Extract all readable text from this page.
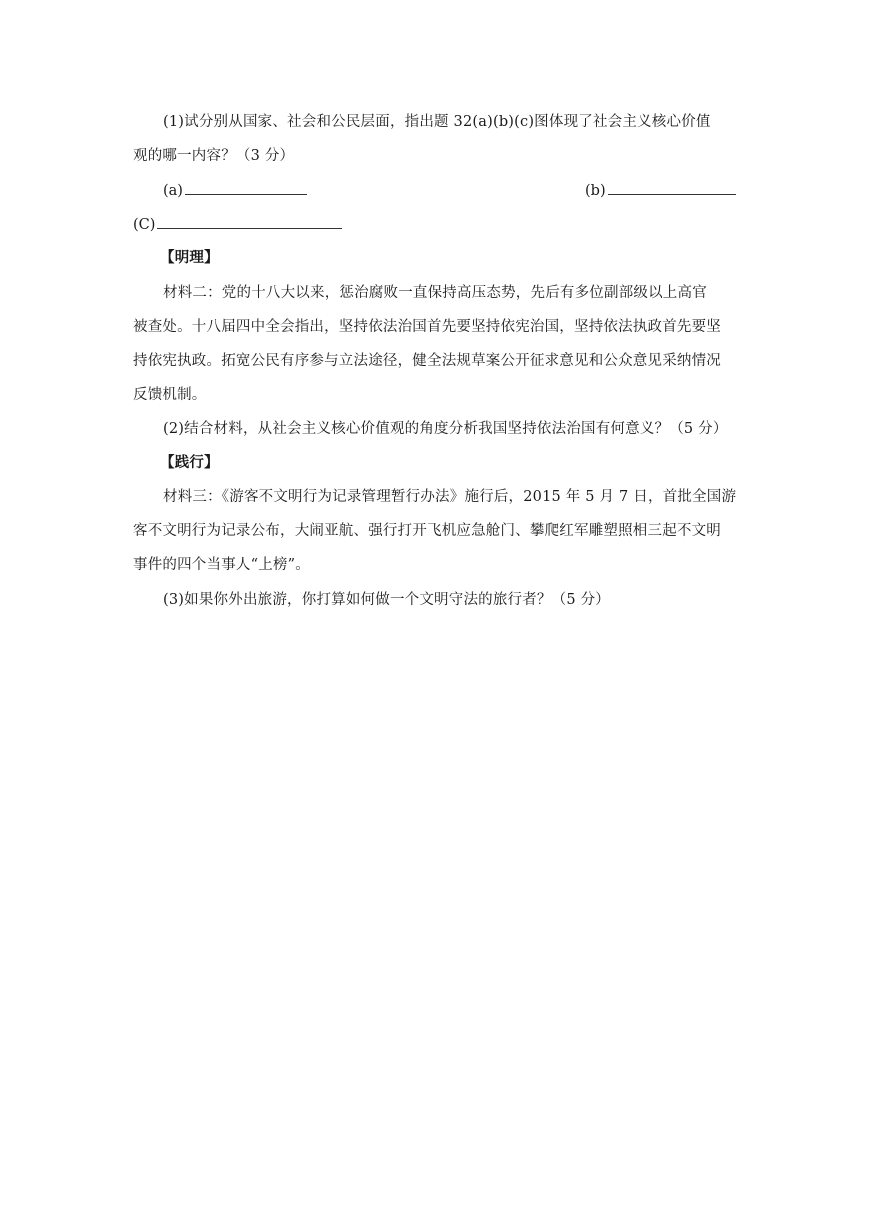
(1)试分别从国家、社会和公民层面，指出题 32(a)(b)(c)图体现了社会主义核心价值
观的哪一内容？（3 分）
(a)	(b)
(C)
【明理】
材料二：党的十八大以来，惩治腐败一直保持高压态势，先后有多位副部级以上高官
被查处。十八届四中全会指出，坚持依法治国首先要坚持依宪治国，坚持依法执政首先要坚
持依宪执政。拓宽公民有序参与立法途径，健全法规草案公开征求意见和公众意见采纳情况
反馈机制。
(2)结合材料，从社会主义核心价值观的角度分析我国坚持依法治国有何意义？（5 分）
【践行】
材料三：《游客不文明行为记录管理暂行办法》施行后，2015 年 5 月 7 日，首批全国游
客不文明行为记录公布，大闹亚航、强行打开飞机应急舱门、攀爬红军雕塑照相三起不文明
事件的四个当事人“上榜”。
(3)如果你外出旅游，你打算如何做一个文明守法的旅行者？（5 分）
